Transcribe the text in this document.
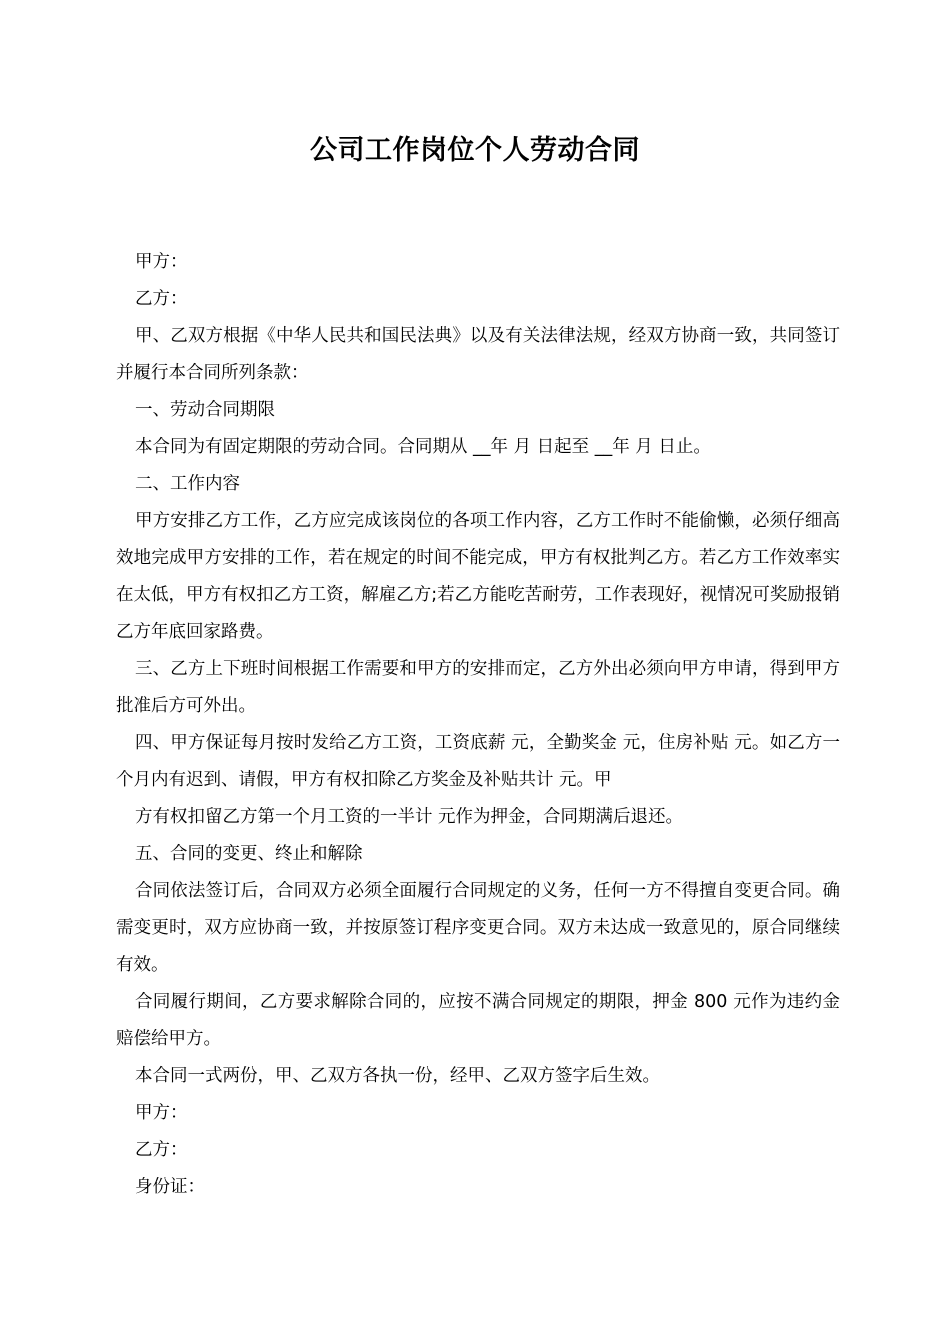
公司工作岗位个人劳动合同

甲方：

乙方：

甲、乙双方根据《中华人民共和国民法典》以及有关法律法规，经双方协商一致，共同签订并履行本合同所列条款：

一、劳动合同期限

本合同为有固定期限的劳动合同。合同期从 __年 月 日起至 __年 月 日止。

二、工作内容

甲方安排乙方工作，乙方应完成该岗位的各项工作内容，乙方工作时不能偷懒，必须仔细高效地完成甲方安排的工作，若在规定的时间不能完成，甲方有权批判乙方。若乙方工作效率实在太低，甲方有权扣乙方工资，解雇乙方;若乙方能吃苦耐劳，工作表现好，视情况可奖励报销乙方年底回家路费。

三、乙方上下班时间根据工作需要和甲方的安排而定，乙方外出必须向甲方申请，得到甲方批准后方可外出。

四、甲方保证每月按时发给乙方工资，工资底薪 元，全勤奖金 元，住房补贴 元。如乙方一个月内有迟到、请假，甲方有权扣除乙方奖金及补贴共计 元。甲

方有权扣留乙方第一个月工资的一半计 元作为押金，合同期满后退还。

五、合同的变更、终止和解除

合同依法签订后，合同双方必须全面履行合同规定的义务，任何一方不得擅自变更合同。确需变更时，双方应协商一致，并按原签订程序变更合同。双方未达成一致意见的，原合同继续有效。

合同履行期间，乙方要求解除合同的，应按不满合同规定的期限，押金 800 元作为违约金赔偿给甲方。

本合同一式两份，甲、乙双方各执一份，经甲、乙双方签字后生效。

甲方：

乙方：

身份证：
